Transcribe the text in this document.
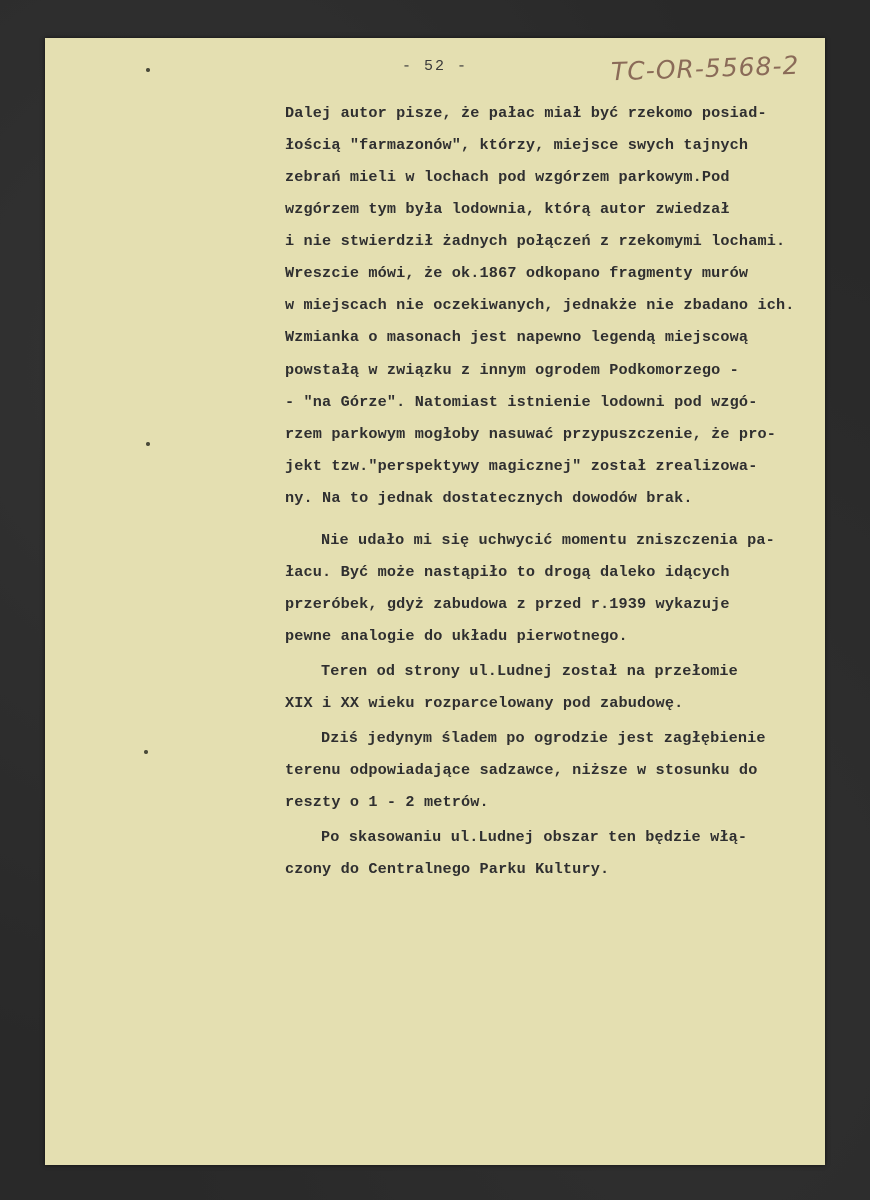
- 52 -	TC-OR-5568-2
Dalej autor pisze, że pałac miał być rzekomo posiad-
łością "farmazonów", którzy, miejsce swych tajnych
zebrań mieli w lochach pod wzgórzem parkowym.Pod
wzgórzem tym była lodownia, którą autor zwiedzał
i nie stwierdził żadnych połączeń z rzekomymi lochami.
Wreszcie mówi, że ok.1867 odkopano fragmenty murów
w miejscach nie oczekiwanych, jednakże nie zbadano ich.
Wzmianka o masonach jest napewno legendą miejscową
powstałą w związku z innym ogrodem Podkomorzego -
- "na Górze". Natomiast istnienie lodowni pod wzgó-
rzem parkowym mogłoby nasuwać przypuszczenie, że pro-
jekt tzw."perspektywy magicznej" został zrealizowa-
ny. Na to jednak dostatecznych dowodów brak.
Nie udało mi się uchwycić momentu zniszczenia pa-
łacu. Być może nastąpiło to drogą daleko idących
przeróbek, gdyż zabudowa z przed r.1939 wykazuje
pewne analogie do układu pierwotnego.
Teren od strony ul.Ludnej został na przełomie
XIX i XX wieku rozparcelowany pod zabudowę.
Dziś jedynym śladem po ogrodzie jest zagłębienie
terenu odpowiadające sadzawce, niższe w stosunku do
reszty o 1 - 2 metrów.
Po skasowaniu ul.Ludnej obszar ten będzie włą-
czony do Centralnego Parku Kultury.
